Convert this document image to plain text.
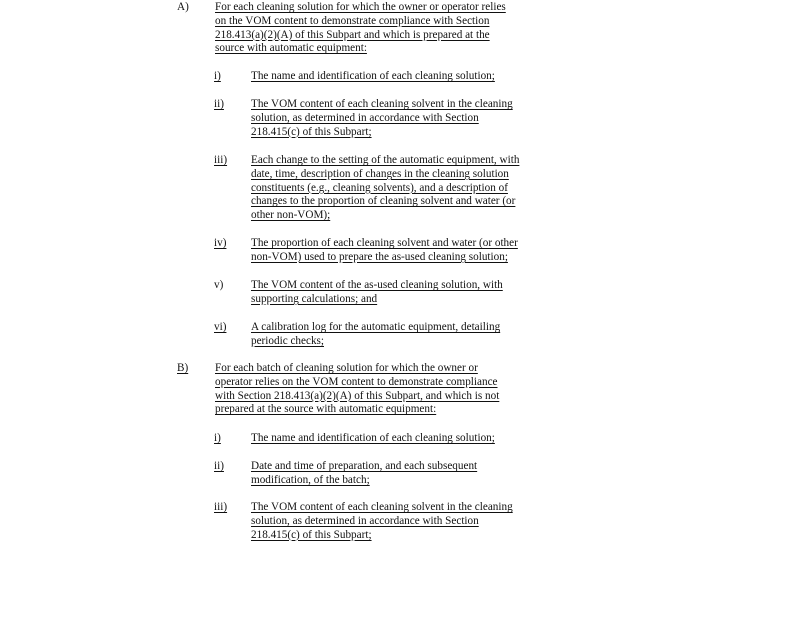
A) For each cleaning solution for which the owner or operator relies
on the VOM content to demonstrate compliance with Section
218.413(a)(2)(A) of this Subpart and which is prepared at the
source with automatic equipment:
i)	The name and identification of each cleaning solution;
ii) The VOM content of each cleaning solvent in the cleaning
solution, as determined in accordance with Section
218.415(c) of this Subpart;
iii) Each change to the setting of the automatic equipment, with
date, time, description of changes in the cleaning solution
constituents (e.g., cleaning solvents), and a description of
changes to the proportion of cleaning solvent and water (or
other non-VOM);
iv) The proportion of each cleaning solvent and water (or other
non-VOM) used to prepare the as-used cleaning solution;
v) The VOM content of the as-used cleaning solution, with
supporting calculations; and
vi) A calibration log for the automatic equipment, detailing
periodic checks;
B) For each batch of cleaning solution for which the owner or
operator relies on the VOM content to demonstrate compliance
with Section 218.413(a)(2)(A) of this Subpart, and which is not
prepared at the source with automatic equipment:
i)	The name and identification of each cleaning solution;
ii) Date and time of preparation, and each subsequent
modification, of the batch;
iii) The VOM content of each cleaning solvent in the cleaning
solution, as determined in accordance with Section
218.415(c) of this Subpart;
